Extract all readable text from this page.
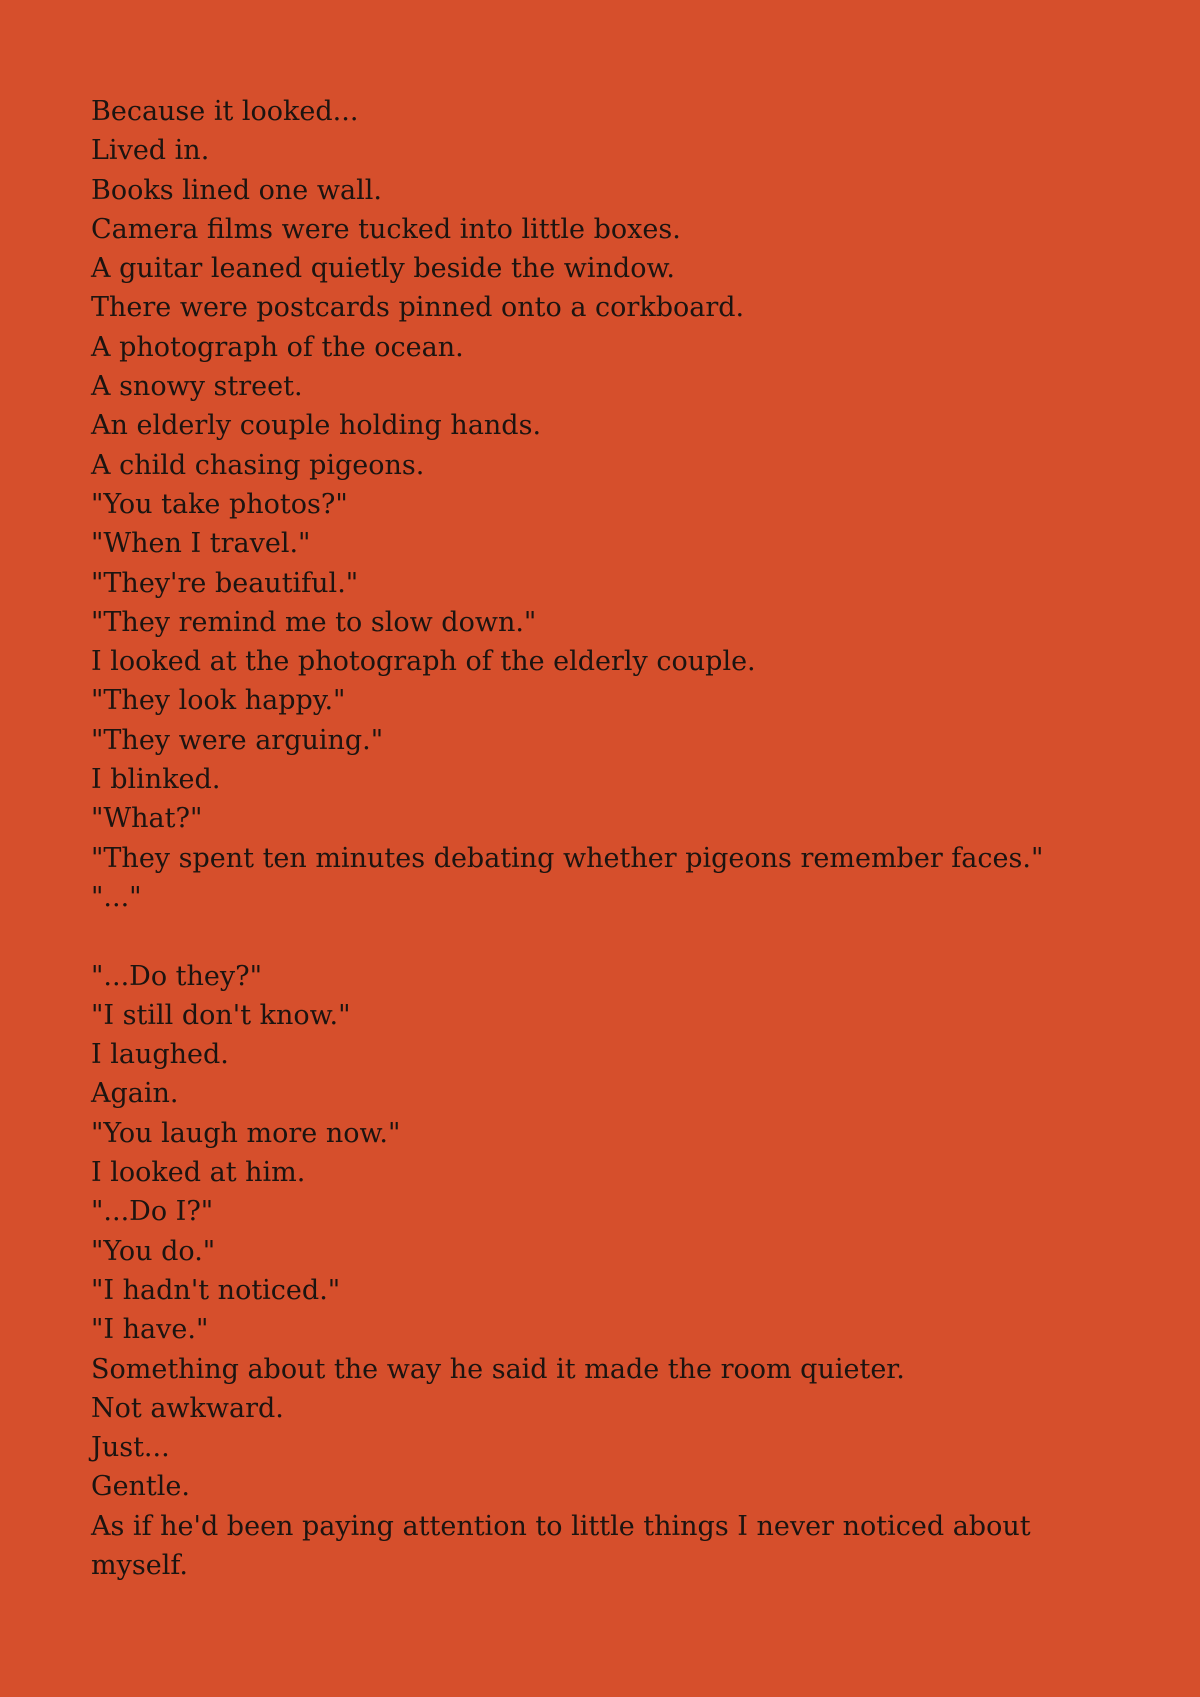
Because it looked...
Lived in.
Books lined one wall.
Camera films were tucked into little boxes.
A guitar leaned quietly beside the window.
There were postcards pinned onto a corkboard.
A photograph of the ocean.
A snowy street.
An elderly couple holding hands.
A child chasing pigeons.
"You take photos?"
"When I travel."
"They're beautiful."
"They remind me to slow down."
I looked at the photograph of the elderly couple.
"They look happy."
"They were arguing."
I blinked.
"What?"
"They spent ten minutes debating whether pigeons remember faces."
"..."
"...Do they?"
"I still don't know."
I laughed.
Again.
"You laugh more now."
I looked at him.
"...Do I?"
"You do."
"I hadn't noticed."
"I have."
Something about the way he said it made the room quieter.
Not awkward.
Just...
Gentle.
As if he'd been paying attention to little things I never noticed about myself.
